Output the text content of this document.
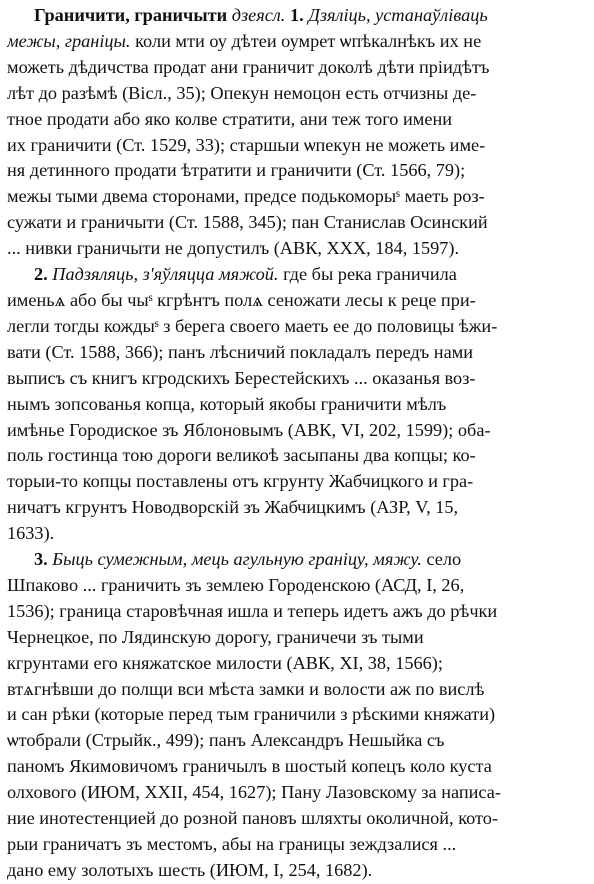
Граничити, граничыти дзеясл. 1. Дзяліць, устанаўліваць
межы, граніцы. коли мти оу дѣтеи оумрет ѡпѣкалнѣкъ их не
можеть дѣдичства продат ани граничит доколѣ дѣти пріидѣтъ
лѣт до разѣмѣ (Вісл., 35); Опекун немоцон есть отчизны де-
тное продати або яко колве стратити, ани теж того имени
их граничити (Ст. 1529, 33); старшыи ѡпекун не можеть име-
ня детинного продати ѣтратити и граничити (Ст. 1566, 79);
межы тыми двема сторонами, предсе подькоморыˢ маеть роз-
сужати и граничыти (Ст. 1588, 345); пан Станислав Осинский
... нивки граничыти не допустилъ (АВК, XXX, 184, 1597).
2. Падзяляць, з'яўляцца мяжой. где бы река граничила
именьѧ або бы чыˢ кгрѣнтъ полѧ сеножати лесы к реце при-
легли тогды кождыˢ з берега своего маеть ее до половицы ѣжи-
вати (Ст. 1588, 366); панъ лѣсничий покладалъ передъ нами
выписъ съ книгъ кгродскихъ Берестейскихъ ... оказанья воз-
нымъ зопсованья копца, который якобы граничити мѣлъ
имѣнье Городиское зъ Яблоновымъ (АВК, VI, 202, 1599); оба-
поль гостинца тою дороги великоѣ засыпаны два копцы; ко-
торыи-то копцы поставлены отъ кгрунту Жабчицкого и гра-
ничатъ кгрунтъ Новодворскій зъ Жабчицкимъ (АЗР, V, 15,
1633).
3. Быць сумежным, мець агульную граніцу, мяжу. село
Шпаково ... граничить зъ землею Городенскою (АСД, I, 26,
1536); граница старовѣчная ишла и теперь идетъ ажъ до рѣчки
Чернецкое, по Лядинскую дорогу, граничечи зъ тыми
кгрунтами его княжатское милости (АВК, XI, 38, 1566);
втѧгнѣвши до полщи вси мѣста замки и волости аж по вислѣ
и сан рѣки (которые перед тым граничили з рѣскими княжати)
ѡтобрали (Стрыйк., 499); панъ Александръ Нешыйка съ
паномъ Якимовичомъ граничылъ в шостый копецъ коло куста
олхового (ИЮМ, XXII, 454, 1627); Пану Лазовскому за написа-
ние инотестенцией до розной пановъ шляхты околичной, кото-
рыи граничатъ зъ местомъ, абы на границы зеждзалися ...
дано ему золотыхъ шесть (ИЮМ, I, 254, 1682).
